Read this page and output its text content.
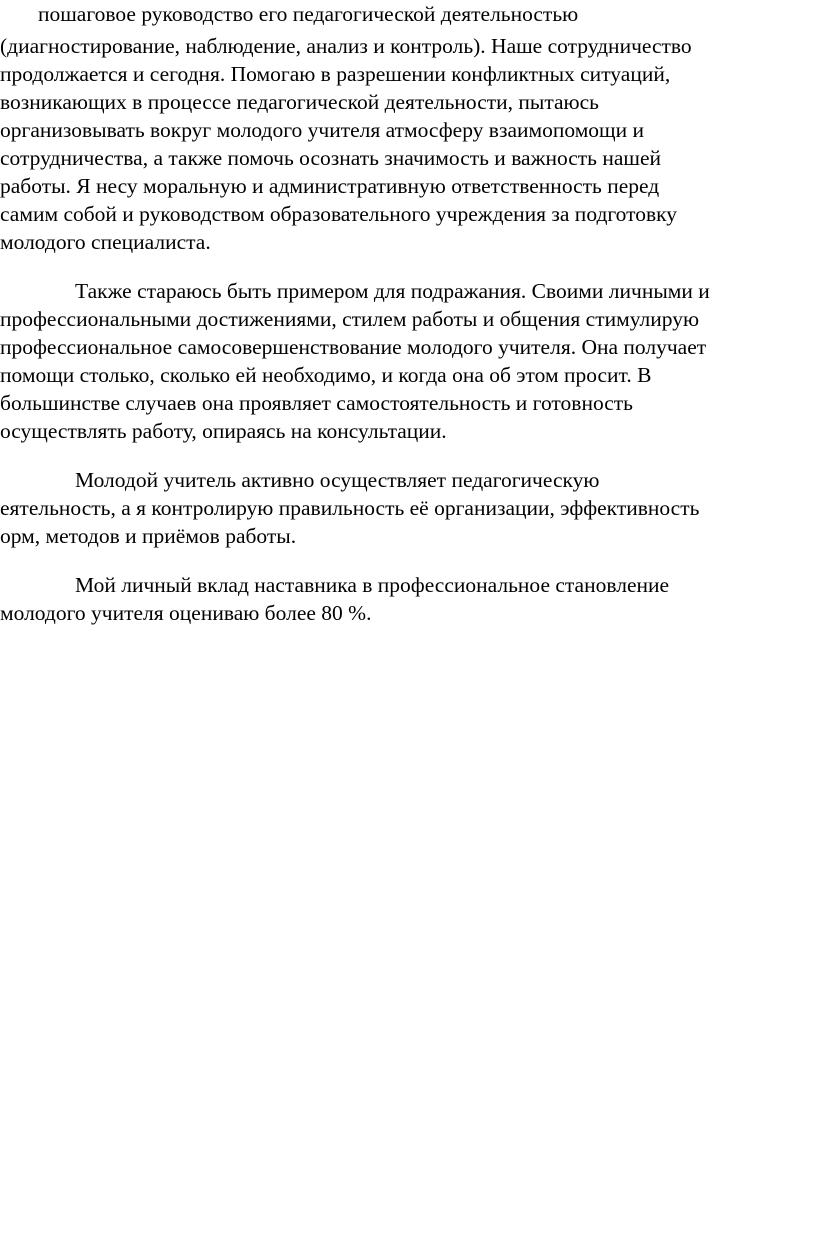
пошаговое руководство его педагогической деятельностью
(диагностирование, наблюдение, анализ и контроль). Наше сотрудничество
продолжается и сегодня. Помогаю в разрешении конфликтных ситуаций,
возникающих в процессе педагогической деятельности, пытаюсь
организовывать вокруг молодого учителя атмосферу взаимопомощи и
сотрудничества, а также помочь осознать значимость и важность нашей
работы. Я несу моральную и административную ответственность перед
самим собой и руководством образовательного учреждения за подготовку
молодого специалиста.
Также стараюсь быть примером для подражания. Своими личными и
профессиональными достижениями, стилем работы и общения стимулирую
профессиональное самосовершенствование молодого учителя. Она получает
помощи столько, сколько ей необходимо, и когда она об этом просит. В
большинстве случаев она проявляет самостоятельность и готовность
осуществлять работу, опираясь на консультации.
Молодой учитель активно осуществляет педагогическую
еятельность, а я контролирую правильность её организации, эффективность
орм, методов и приёмов работы.
Мой личный вклад наставника в профессиональное становление
молодого учителя оцениваю более 80 %.
